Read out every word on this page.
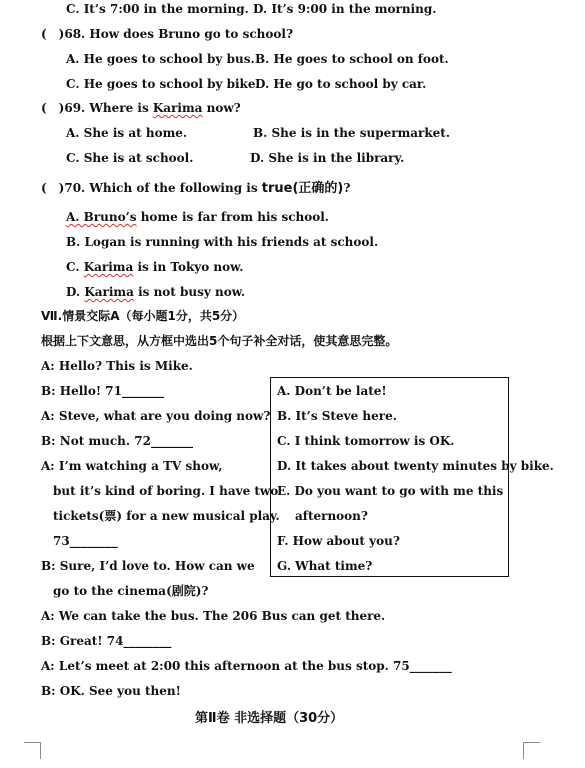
C. It’s 7:00 in the morning. D. It’s 9:00 in the morning.
(　)68. How does Bruno go to school?
A. He goes to school by bus. B. He goes to school on foot.
C. He goes to school by bike.
D. He go to school by car.
(　)69. Where is Karima now?
A. She is at home.	B. She is in the supermarket.
C. She is at school.	D. She is in the library.
(　)70. Which of the following is true(正确的)?
A. Bruno’s home is far from his school.
B. Logan is running with his friends at school.
C. Karima is in Tokyo now.
D. Karima is not busy now.
Ⅶ.情景交际A（每小题1分，共5分）
根据上下文意思，从方框中选出5个句子补全对话，使其意思完整。
A: Hello? This is Mike.
B: Hello! 71_______
A: Steve, what are you doing now?
B: Not much. 72_______
A: I’m watching a TV show,
but it’s kind of boring. I have two
tickets(票) for a new musical play.
73________
B: Sure, I’d love to. How can we
go to the cinema(剧院)?
A: We can take the bus. The 206 Bus can get there.
B: Great! 74________
A: Let’s meet at 2:00 this afternoon at the bus stop. 75_______
B: OK. See you then!
A. Don’t be late!
B. It’s Steve here.
C. I think tomorrow is OK.
D. It takes about twenty minutes by bike.
E. Do you want to go with me this
afternoon?
F. How about you?
G. What time?
第Ⅱ卷 非选择题（30分）
